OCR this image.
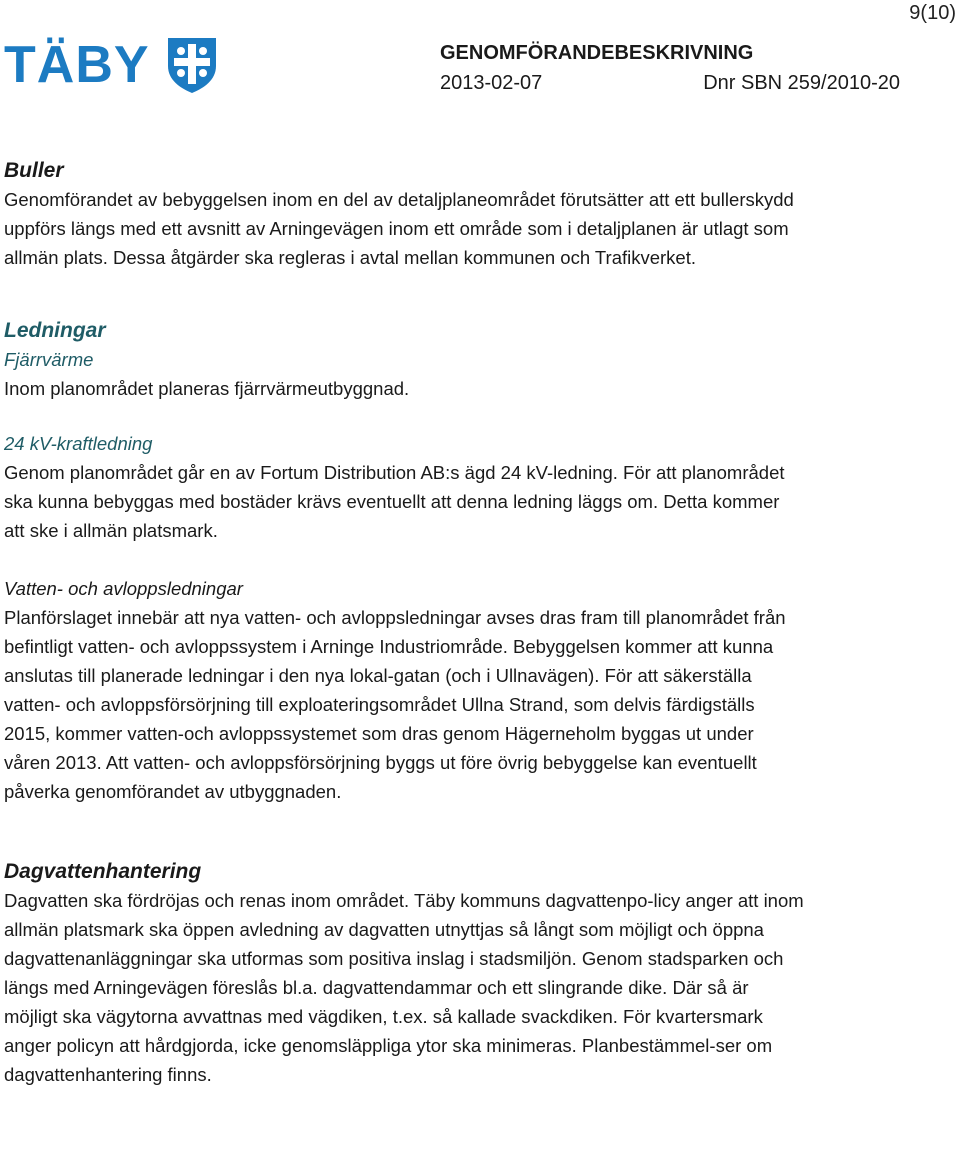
9(10)
TÄBY	GENOMFÖRANDEBESKRIVNING
2013-02-07	Dnr SBN 259/2010-20

Buller

Genomförandet av bebyggelsen inom en del av detaljplaneområdet förutsätter att ett bullerskydd uppförs längs med ett avsnitt av Arningevägen inom ett område som i detaljplanen är utlagt som allmän plats. Dessa åtgärder ska regleras i avtal mellan kommunen och Trafikverket.

Ledningar

Fjärrvärme

Inom planområdet planeras fjärrvärmeutbyggnad.

24 kV-kraftledning

Genom planområdet går en av Fortum Distribution AB:s ägd 24 kV-ledning. För att planområdet ska kunna bebyggas med bostäder krävs eventuellt att denna ledning läggs om. Detta kommer att ske i allmän platsmark.

Vatten- och avloppsledningar

Planförslaget innebär att nya vatten- och avloppsledningar avses dras fram till planområdet från befintligt vatten- och avloppssystem i Arninge Industriområde. Bebyggelsen kommer att kunna anslutas till planerade ledningar i den nya lokal-gatan (och i Ullnavägen). För att säkerställa vatten- och avloppsförsörjning till exploateringsområdet Ullna Strand, som delvis färdigställs 2015, kommer vatten-och avloppssystemet som dras genom Hägerneholm byggas ut under våren 2013. Att vatten- och avloppsförsörjning byggs ut före övrig bebyggelse kan eventuellt påverka genomförandet av utbyggnaden.

Dagvattenhantering

Dagvatten ska fördröjas och renas inom området. Täby kommuns dagvattenpo-licy anger att inom allmän platsmark ska öppen avledning av dagvatten utnyttjas så långt som möjligt och öppna dagvattenanläggningar ska utformas som positiva inslag i stadsmiljön. Genom stadsparken och längs med Arningevägen föreslås bl.a. dagvattendammar och ett slingrande dike. Där så är möjligt ska vägytorna avvattnas med vägdiken, t.ex. så kallade svackdiken. För kvartersmark anger policyn att hårdgjorda, icke genomsläppliga ytor ska minimeras. Planbestämmel-ser om dagvattenhantering finns.
